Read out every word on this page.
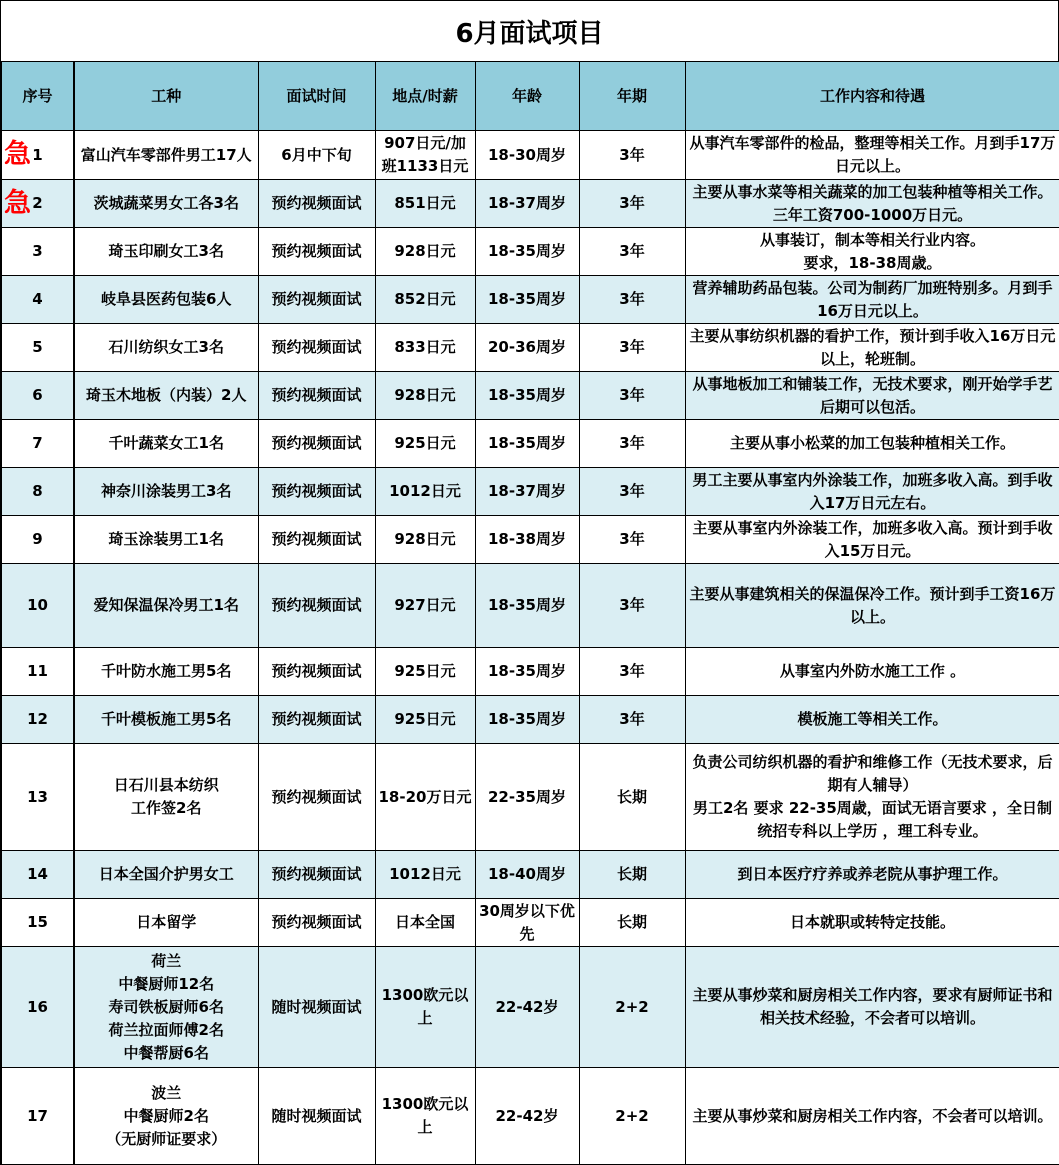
6月面试项目
序号	工种	面试时间	地点/时薪	年龄	年期	工作内容和待遇

急 1	富山汽车零部件男工17人	6月中下旬	907日元/加班1133日元	18-30周岁	3年	从事汽车零部件的检品，整理等相关工作。月到手17万日元以上。

急 2	茨城蔬菜男女工各3名	预约视频面试	851日元	18-37周岁	3年	主要从事水菜等相关蔬菜的加工包装种植等相关工作。三年工资700-1000万日元。
3	琦玉印刷女工3名	预约视频面试	928日元	18-35周岁	3年	从事装订，制本等相关行业内容。
要求，18-38周歳。
4	岐阜县医药包装6人	预约视频面试	852日元	18-35周岁	3年	营养辅助药品包装。公司为制药厂加班特别多。月到手16万日元以上。
5	石川纺织女工3名	预约视频面试	833日元	20-36周岁	3年	主要从事纺织机器的看护工作，预计到手收入16万日元以上，轮班制。
6	琦玉木地板（内装）2人	预约视频面试	928日元	18-35周岁	3年	从事地板加工和铺装工作，无技术要求，刚开始学手艺后期可以包活。
7	千叶蔬菜女工1名	预约视频面试	925日元	18-35周岁	3年	主要从事小松菜的加工包装种植相关工作。
8	神奈川涂装男工3名	预约视频面试	1012日元	18-37周岁	3年	男工主要从事室内外涂装工作，加班多收入高。到手收入17万日元左右。
9	琦玉涂装男工1名	预约视频面试	928日元	18-38周岁	3年	主要从事室内外涂装工作，加班多收入高。预计到手收入15万日元。
10	爱知保温保冷男工1名	预约视频面试	927日元	18-35周岁	3年	主要从事建筑相关的保温保冷工作。预计到手工资16万以上。
11	千叶防水施工男5名	预约视频面试	925日元	18-35周岁	3年	从事室内外防水施工工作 。
12	千叶模板施工男5名	预约视频面试	925日元	18-35周岁	3年	模板施工等相关工作。
13	日石川县本纺织
工作签2名	预约视频面试	18-20万日元	22-35周岁	长期	负责公司纺织机器的看护和维修工作（无技术要求，后期有人辅导）
男工2名 要求 22-35周歳，面试无语言要求 ，全日制统招专科以上学历 ，理工科专业。
14	日本全国介护男女工	预约视频面试	1012日元	18-40周岁	长期	到日本医疗疗养或养老院从事护理工作。
15	日本留学	预约视频面试	日本全国	30周岁以下优先	长期	日本就职或转特定技能。
16	荷兰
中餐厨师12名
寿司铁板厨师6名
荷兰拉面师傅2名
中餐帮厨6名	随时视频面试	1300欧元以上	22-42岁	2+2	主要从事炒菜和厨房相关工作内容，要求有厨师证书和相关技术经验，不会者可以培训。
17	波兰
中餐厨师2名
（无厨师证要求）	随时视频面试	1300欧元以上	22-42岁	2+2	主要从事炒菜和厨房相关工作内容，不会者可以培训。
